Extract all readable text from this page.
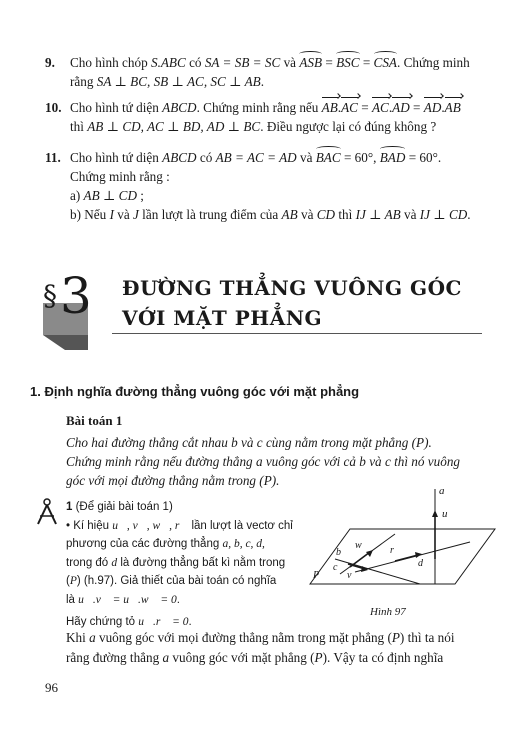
9. Cho hình chóp S.ABC có SA = SB = SC và ASB = BSC = CSA. Chứng minh
rằng SA ⊥ BC, SB ⊥ AC, SC ⊥ AB.
10. Cho hình tứ diện ABCD. Chứng minh rằng nếu AB.AC = AC.AD = AD.AB
thì AB ⊥ CD, AC ⊥ BD, AD ⊥ BC. Điều ngược lại có đúng không ?
11. Cho hình tứ diện ABCD có AB = AC = AD và BAC = 60°, BAD = 60°.
Chứng minh rằng :
a) AB ⊥ CD ;
b) Nếu I và J lần lượt là trung điểm của AB và CD thì IJ ⊥ AB và IJ ⊥ CD.
§ 3 ĐƯỜNG THẲNG VUÔNG GÓC
VỚI MẶT PHẲNG
1. Định nghĩa đường thẳng vuông góc với mặt phẳng
Bài toán 1
Cho hai đường thẳng cắt nhau b và c cùng nằm trong mặt phẳng (P).
Chứng minh rằng nếu đường thẳng a vuông góc với cả b và c thì nó vuông
góc với mọi đường thẳng nằm trong (P).
1 (Để giải bài toán 1)
• Kí hiệu u⃗, v⃗, w⃗, r⃗ lần lượt là vectơ chỉ
phương của các đường thẳng a, b, c, d,
trong đó d là đường thẳng bất kì nằm trong
(P) (h.97). Giả thiết của bài toán có nghĩa
là u⃗.v⃗ = u⃗.w⃗ = 0.
Hãy chứng tỏ u⃗.r⃗ = 0.
a
u⃗
b
c
w⃗
v⃗
r⃗
d
P
Hình 97
Khi a vuông góc với mọi đường thẳng nằm trong mặt phẳng (P) thì ta nói
rằng đường thẳng a vuông góc với mặt phẳng (P). Vậy ta có định nghĩa
96
